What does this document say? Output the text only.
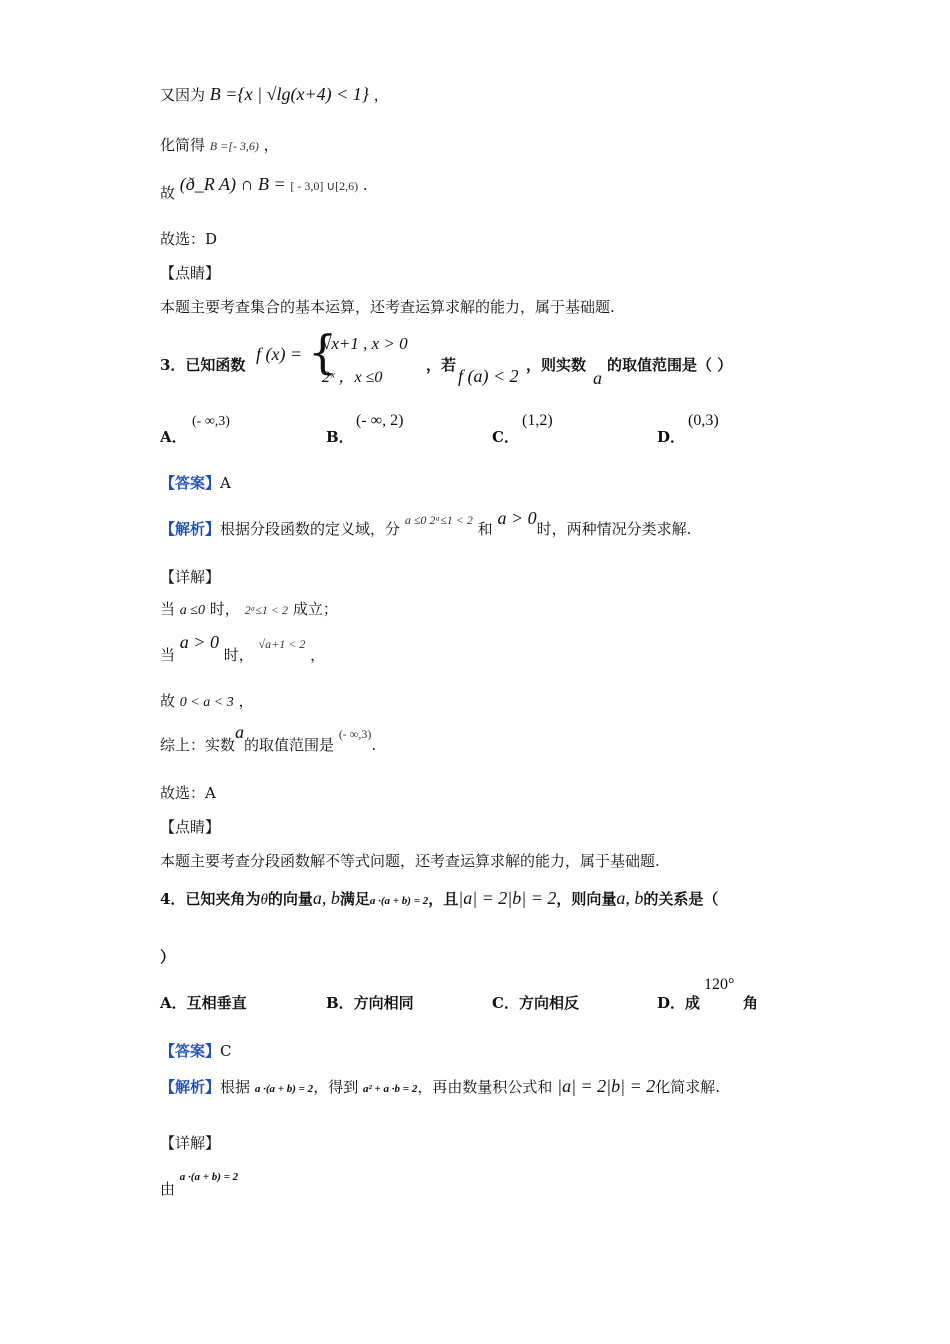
又因为 B ={x | √lg(x+4) < 1} ，
化简得 B =[- 3,6) ，
故 (ð_R A) ∩ B = [ - 3,0] ∪[2,6) .
故选：D
【点睛】
本题主要考查集合的基本运算，还考查运算求解的能力，属于基础题.
3．已知函数
f (x) = {
√x+1 , x > 0
2ˣ ，x ≤0
，若
f (a) < 2
，则实数
a
的取值范围是（ ）
A．
(- ∞,3)
B．
(- ∞, 2)
C．
(1,2)
D．
(0,3)
【答案】A
【解析】根据分段函数的定义域，分 a ≤0 2ᵃ≤1 < 2 和 a > 0时，两种情况分类求解.
【详解】
当 a ≤0 时， 2ᵃ≤1 < 2 成立；
当 a > 0 时， √a+1 < 2 ，
故 0 < a < 3 ，
综上：实数a的取值范围是 (- ∞,3).
故选：A
【点睛】
本题主要考查分段函数解不等式问题，还考查运算求解的能力，属于基础题.
4．已知夹角为θ的向量a, b满足a ·(a + b) = 2，且|a| = 2|b| = 2，则向量a, b的关系是（
）
A．互相垂直	B．方向相同	C．方向相反	D．成
120°
角
【答案】C
【解析】根据 a ·(a + b) = 2，得到 a² + a ·b = 2，再由数量积公式和 |a| = 2|b| = 2化简求解.
【详解】
由 a ·(a + b) = 2
